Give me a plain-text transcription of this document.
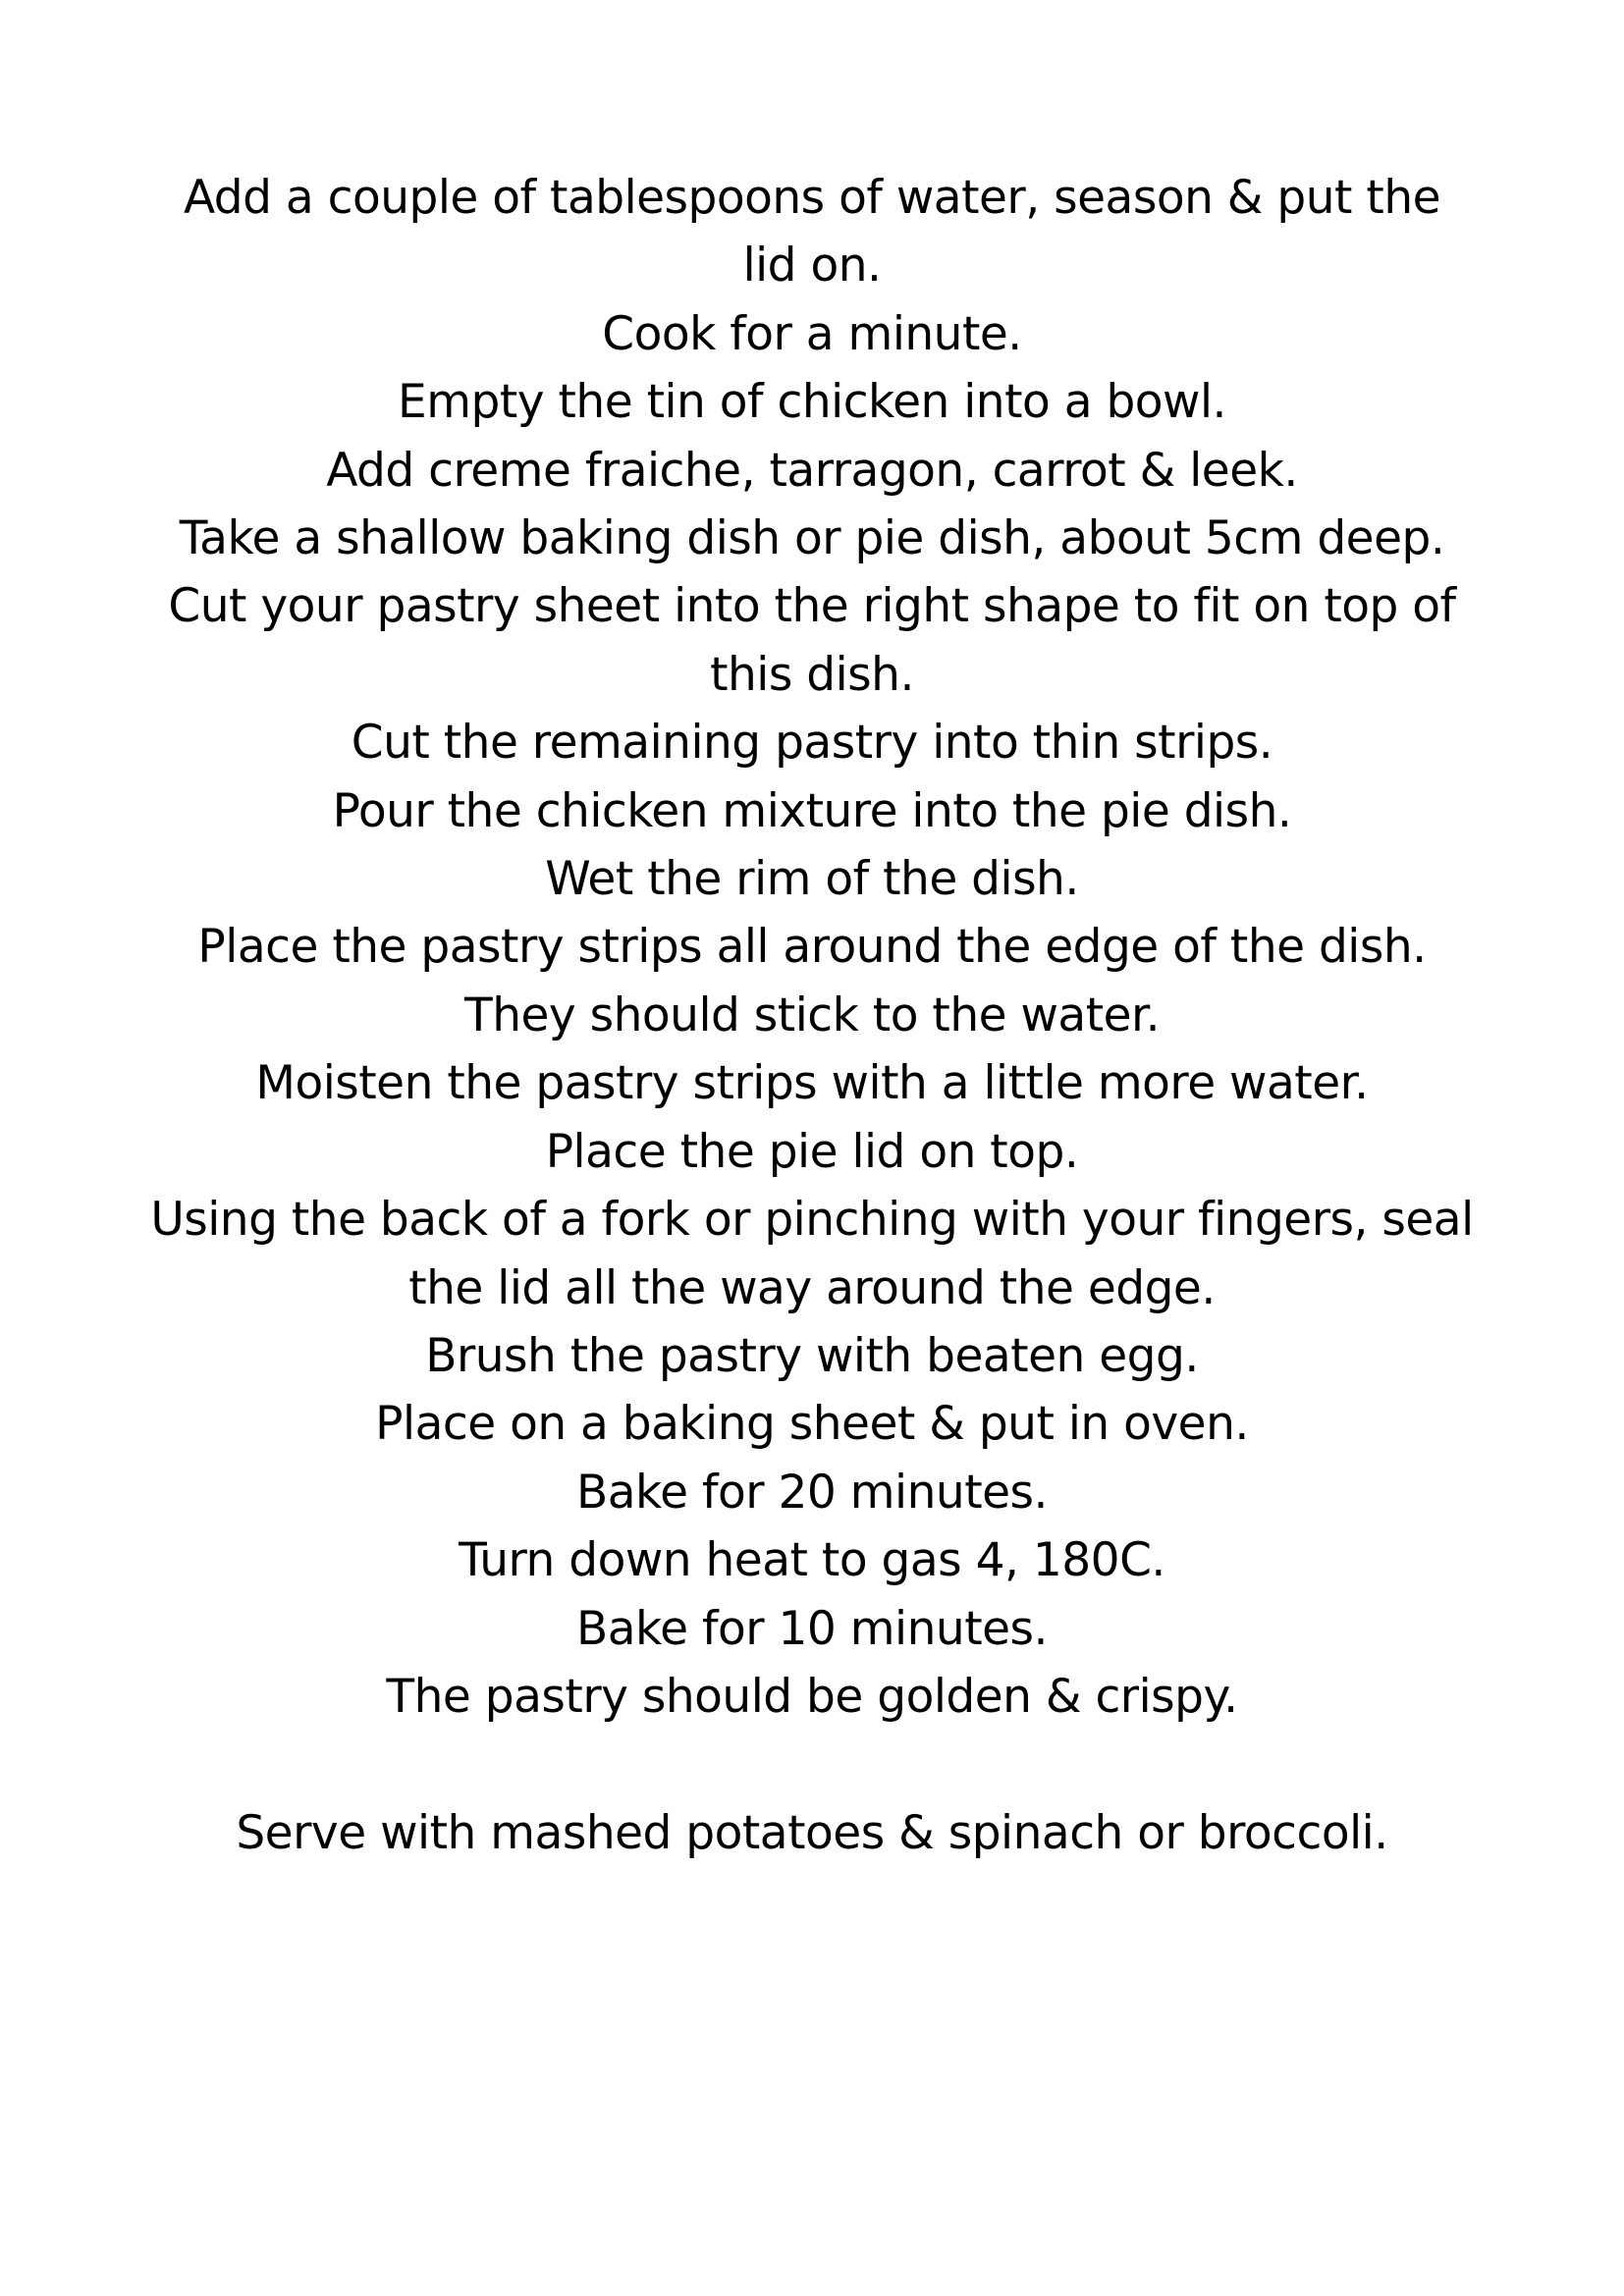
Add a couple of tablespoons of water, season & put the
lid on.
Cook for a minute.
Empty the tin of chicken into a bowl.
Add creme fraiche, tarragon, carrot & leek.
Take a shallow baking dish or pie dish, about 5cm deep.
Cut your pastry sheet into the right shape to fit on top of
this dish.
Cut the remaining pastry into thin strips.
Pour the chicken mixture into the pie dish.
Wet the rim of the dish.
Place the pastry strips all around the edge of the dish.
They should stick to the water.
Moisten the pastry strips with a little more water.
Place the pie lid on top.
Using the back of a fork or pinching with your fingers, seal
the lid all the way around the edge.
Brush the pastry with beaten egg.
Place on a baking sheet & put in oven.
Bake for 20 minutes.
Turn down heat to gas 4, 180C.
Bake for 10 minutes.
The pastry should be golden & crispy.
Serve with mashed potatoes & spinach or broccoli.
